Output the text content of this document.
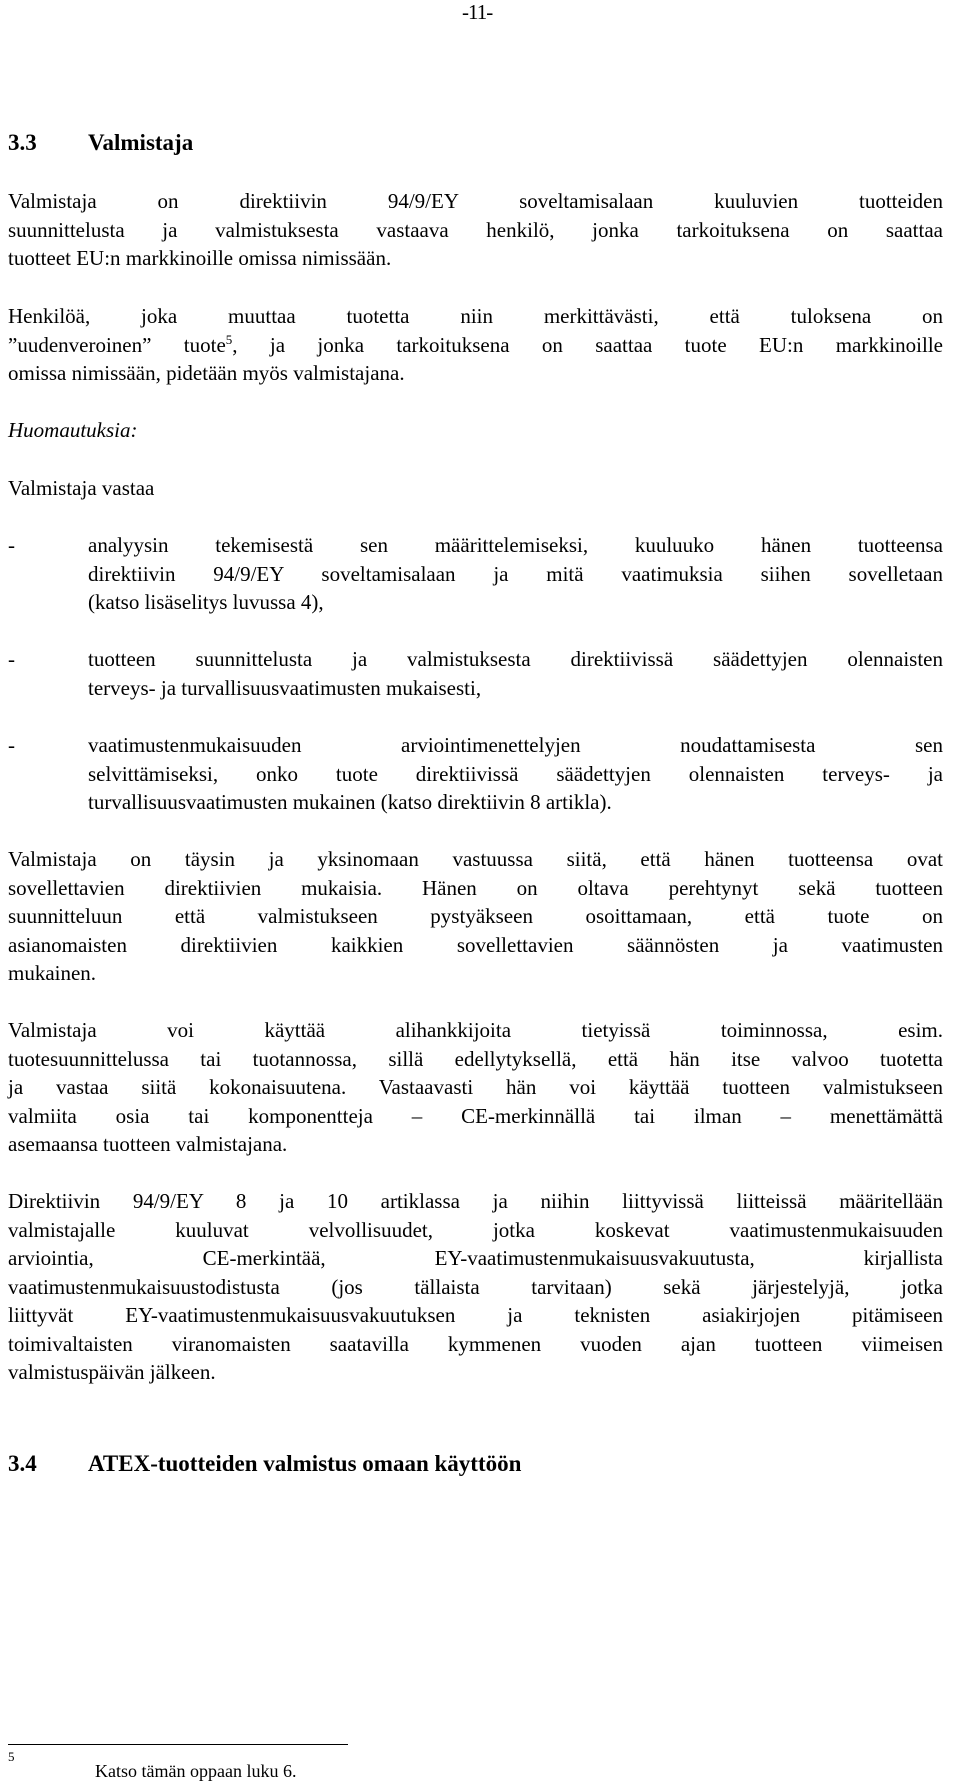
-11-
3.3	Valmistaja
Valmistaja on direktiivin 94/9/EY soveltamisalaan kuuluvien tuotteiden
suunnittelusta ja valmistuksesta vastaava henkilö, jonka tarkoituksena on saattaa
tuotteet EU:n markkinoille omissa nimissään.
Henkilöä, joka muuttaa tuotetta niin merkittävästi, että tuloksena on
”uudenveroinen” tuote$^5$, ja jonka tarkoituksena on saattaa tuote EU:n markkinoille
omissa nimissään, pidetään myös valmistajana.
Huomautuksia:
Valmistaja vastaa
-	analyysin tekemisestä sen määrittelemiseksi, kuuluuko hänen tuotteensa
direktiivin 94/9/EY soveltamisalaan ja mitä vaatimuksia siihen sovelletaan
(katso lisäselitys luvussa 4),
-	tuotteen suunnittelusta ja valmistuksesta direktiivissä säädettyjen olennaisten
terveys- ja turvallisuusvaatimusten mukaisesti,
-	vaatimustenmukaisuuden arviointimenettelyjen noudattamisesta sen
selvittämiseksi, onko tuote direktiivissä säädettyjen olennaisten terveys- ja
turvallisuusvaatimusten mukainen (katso direktiivin 8 artikla).
Valmistaja on täysin ja yksinomaan vastuussa siitä, että hänen tuotteensa ovat
sovellettavien direktiivien mukaisia. Hänen on oltava perehtynyt sekä tuotteen
suunnitteluun että valmistukseen pystyäkseen osoittamaan, että tuote on
asianomaisten direktiivien kaikkien sovellettavien säännösten ja vaatimusten
mukainen.
Valmistaja voi käyttää alihankkijoita tietyissä toiminnossa, esim.
tuotesuunnittelussa tai tuotannossa, sillä edellytyksellä, että hän itse valvoo tuotetta
ja vastaa siitä kokonaisuutena. Vastaavasti hän voi käyttää tuotteen valmistukseen
valmiita osia tai komponentteja – CE-merkinnällä tai ilman – menettämättä
asemaansa tuotteen valmistajana.
Direktiivin 94/9/EY 8 ja 10 artiklassa ja niihin liittyvissä liitteissä määritellään
valmistajalle kuuluvat velvollisuudet, jotka koskevat vaatimustenmukaisuuden
arviointia, CE-merkintää, EY-vaatimustenmukaisuusvakuutusta, kirjallista
vaatimustenmukaisuustodistusta (jos tällaista tarvitaan) sekä järjestelyjä, jotka
liittyvät EY-vaatimustenmukaisuusvakuutuksen ja teknisten asiakirjojen pitämiseen
toimivaltaisten viranomaisten saatavilla kymmenen vuoden ajan tuotteen viimeisen
valmistuspäivän jälkeen.
3.4	ATEX-tuotteiden valmistus omaan käyttöön
$^5$ Katso tämän oppaan luku 6.
